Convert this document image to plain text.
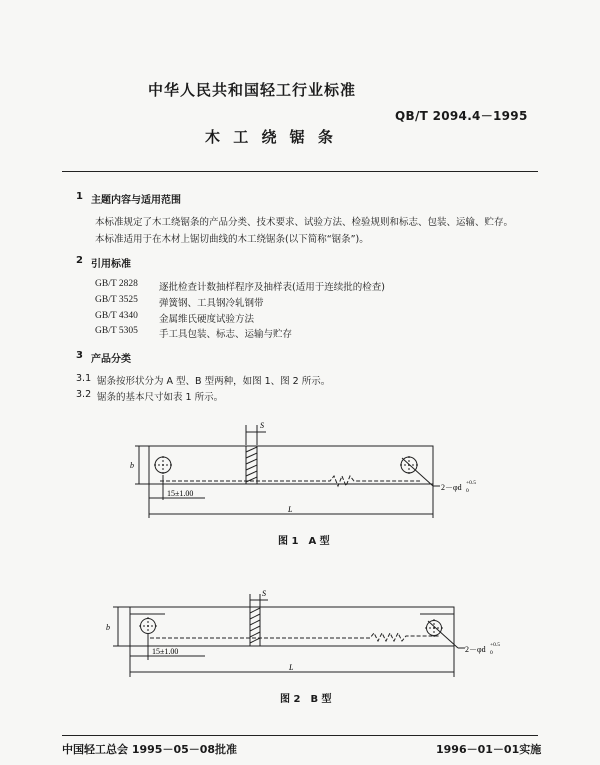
中华人民共和国轻工行业标准
QB/T 2094.4－1995
木 工 绕 锯 条
1 主题内容与适用范围
本标准规定了木工绕锯条的产品分类、技术要求、试验方法、检验规则和标志、包装、运输、贮存。
本标准适用于在木材上锯切曲线的木工绕锯条(以下简称“锯条”)。
2 引用标准
GB/T 2828	逐批检查计数抽样程序及抽样表(适用于连续批的检查)
GB/T 3525	弹簧钢、工具钢冷轧钢带
GB/T 4340	金属维氏硬度试验方法
GB/T 5305	手工具包装、标志、运输与贮存
3 产品分类
3.1 锯条按形状分为 A 型、B 型两种，如图 1、图 2 所示。
3.2 锯条的基本尺寸如表 1 所示。
S
b
15±1.00
L
2－φd +0.5
0
S
b
15±1.00
L
2－φd +0.5
0
图 1　A 型
图 2　B 型
中国轻工总会 1995－05－08批准	1996－01－01实施
